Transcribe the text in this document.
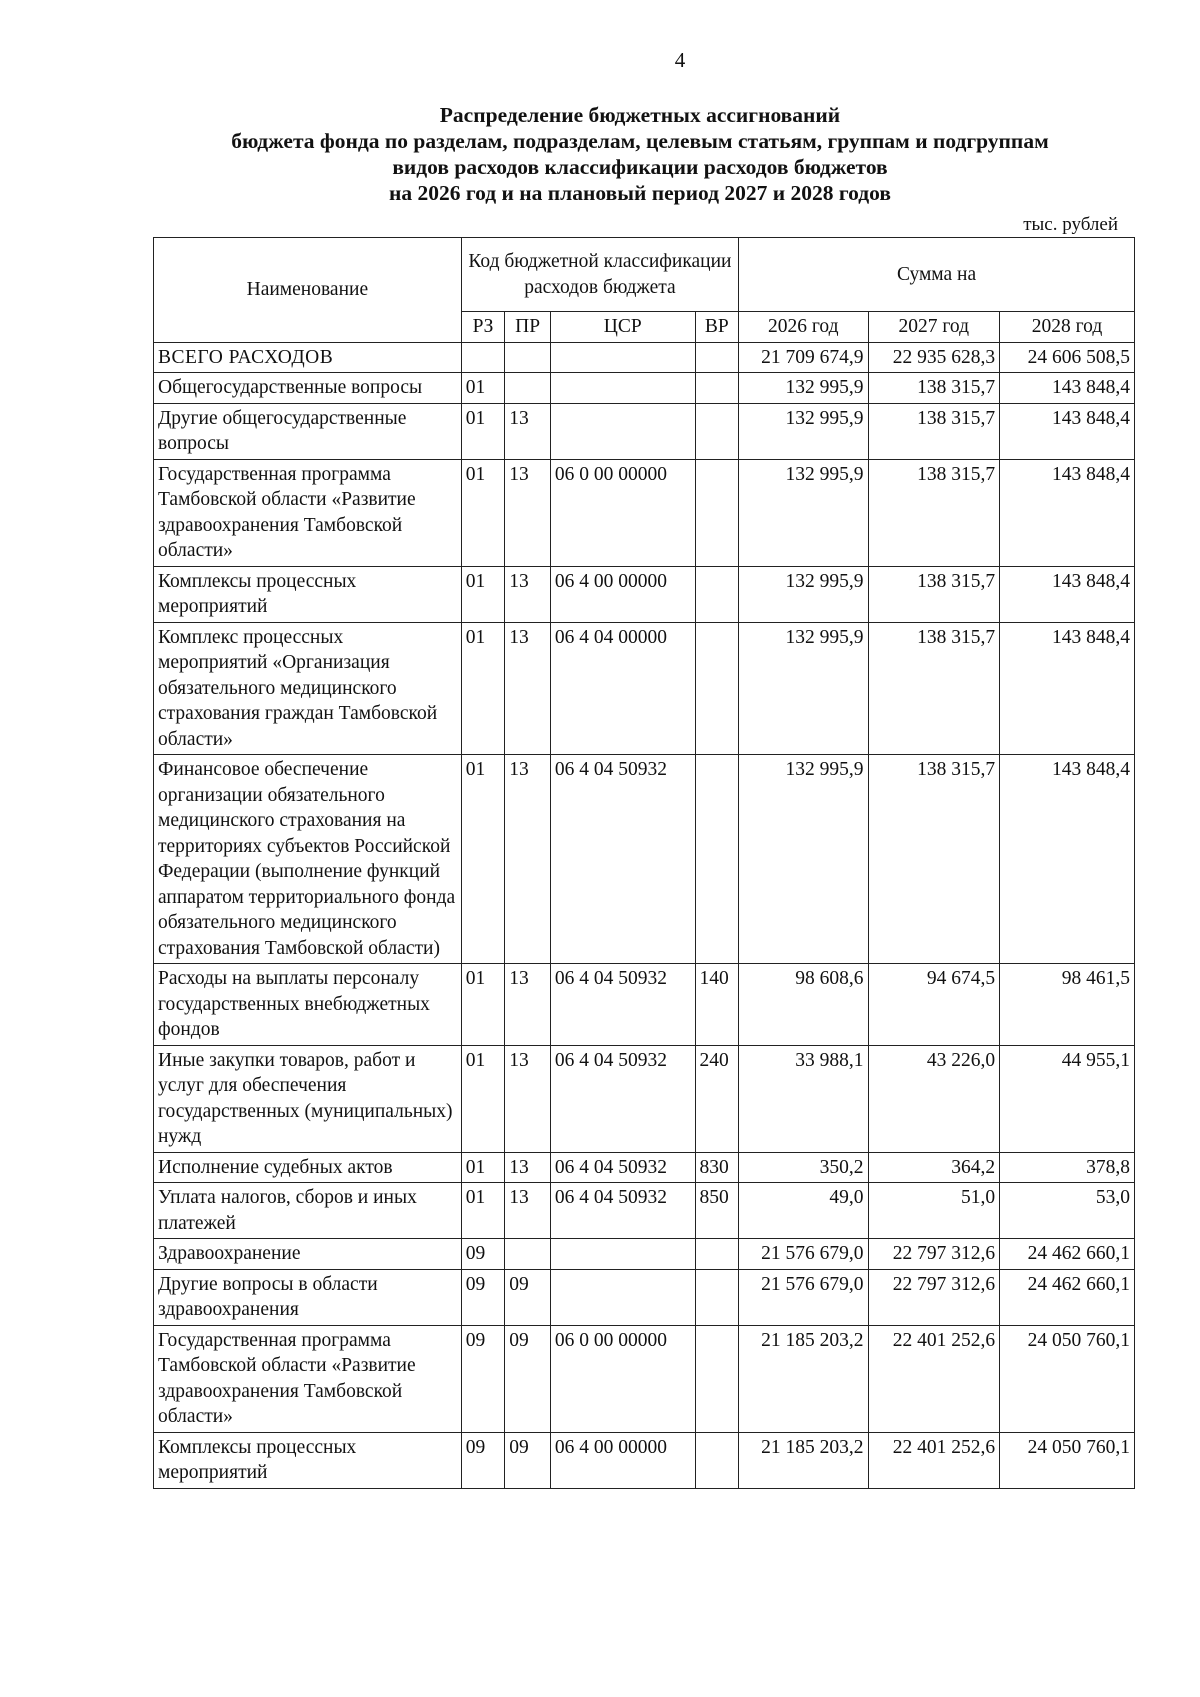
4
Распределение бюджетных ассигнований
бюджета фонда по разделам, подразделам, целевым статьям, группам и подгруппам
видов расходов классификации расходов бюджетов
на 2026 год и на плановый период 2027 и 2028 годов
тыс. рублей
Наименование	Код бюджетной классификации расходов бюджета				Сумма на		
	РЗ	ПР	ЦСР	ВР	2026 год	2027 год	2028 год
ВСЕГО РАСХОДОВ					21 709 674,9	22 935 628,3	24 606 508,5
Общегосударственные вопросы	01				132 995,9	138 315,7	143 848,4
Другие общегосударственные вопросы	01	13			132 995,9	138 315,7	143 848,4
Государственная программа Тамбовской области «Развитие здравоохранения Тамбовской области»	01	13	06 0 00 00000		132 995,9	138 315,7	143 848,4
Комплексы процессных мероприятий	01	13	06 4 00 00000		132 995,9	138 315,7	143 848,4
Комплекс процессных мероприятий «Организация обязательного медицинского страхования граждан Тамбовской области»	01	13	06 4 04 00000		132 995,9	138 315,7	143 848,4
Финансовое обеспечение организации обязательного медицинского страхования на территориях субъектов Российской Федерации (выполнение функций аппаратом территориального фонда обязательного медицинского страхования Тамбовской области)	01	13	06 4 04 50932		132 995,9	138 315,7	143 848,4
Расходы на выплаты персоналу государственных внебюджетных фондов	01	13	06 4 04 50932	140	98 608,6	94 674,5	98 461,5
Иные закупки товаров, работ и услуг для обеспечения государственных (муниципальных) нужд	01	13	06 4 04 50932	240	33 988,1	43 226,0	44 955,1
Исполнение судебных актов	01	13	06 4 04 50932	830	350,2	364,2	378,8
Уплата налогов, сборов и иных платежей	01	13	06 4 04 50932	850	49,0	51,0	53,0
Здравоохранение	09				21 576 679,0	22 797 312,6	24 462 660,1
Другие вопросы в области здравоохранения	09	09			21 576 679,0	22 797 312,6	24 462 660,1
Государственная программа Тамбовской области «Развитие здравоохранения Тамбовской области»	09	09	06 0 00 00000		21 185 203,2	22 401 252,6	24 050 760,1
Комплексы процессных мероприятий	09	09	06 4 00 00000		21 185 203,2	22 401 252,6	24 050 760,1
